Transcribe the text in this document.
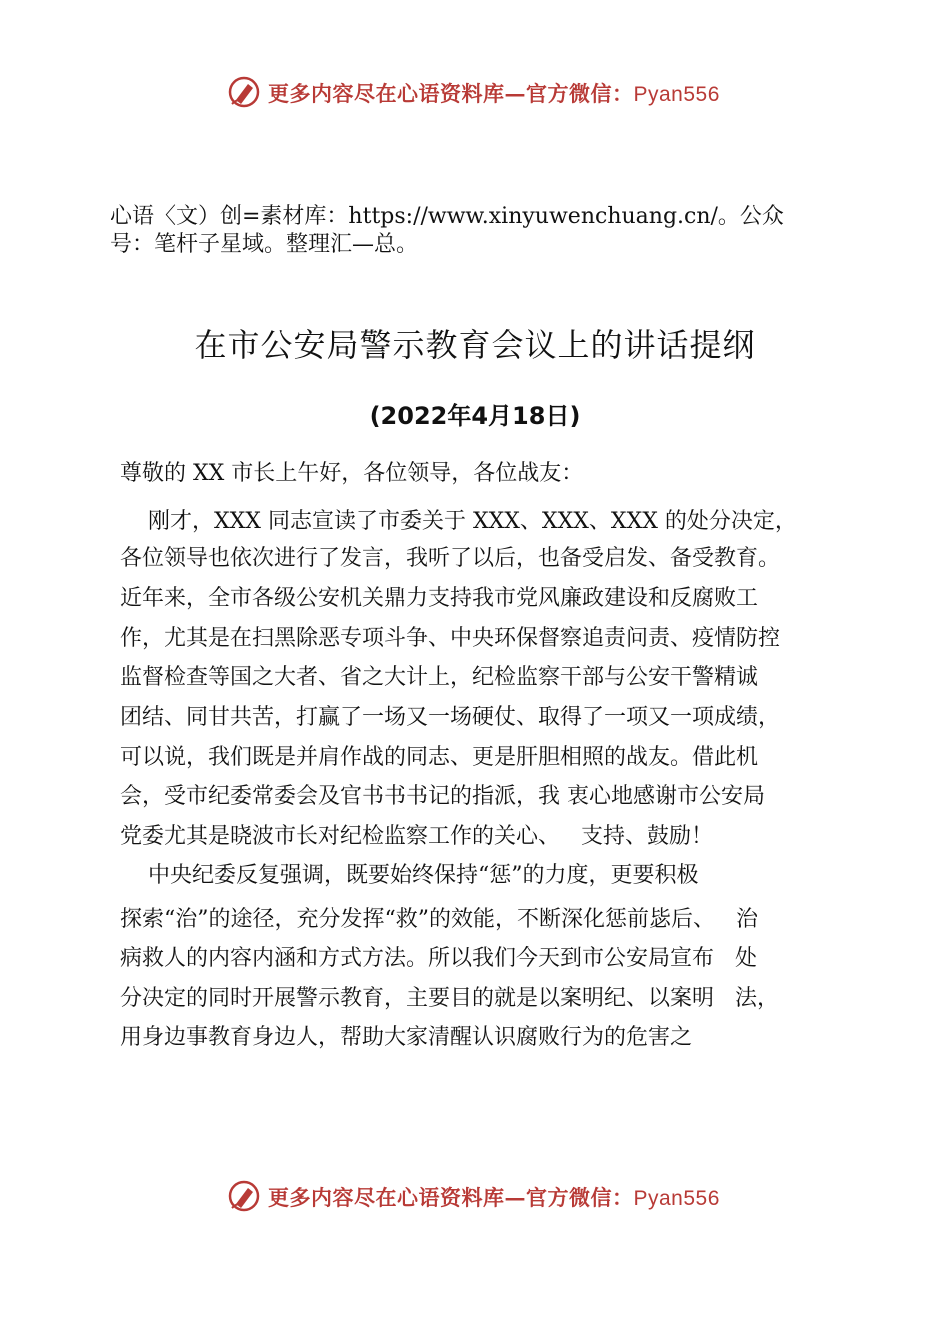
更多内容尽在心语资料库—官方微信：Pyan556
心语〈文）创=素材库：https://www.xinyuwenchuang.cn/。公众
号：笔杆子星域。整理汇—总。
在市公安局警示教育会议上的讲话提纲
(2022年4月18日)
尊敬的 XX 市长上午好，各位领导，各位战友：
刚才，XXX 同志宣读了市委关于 XXX、XXX、XXX 的处分决定，
各位领导也依次进行了发言，我听了以后，也备受启发、备受教育。
近年来，全市各级公安机关鼎力支持我市党风廉政建设和反腐败工
作，尤其是在扫黑除恶专项斗争、中央环保督察追责问责、疫情防控
监督检查等国之大者、省之大计上，纪检监察干部与公安干警精诚
团结、同甘共苦，打赢了一场又一场硬仗、取得了一项又一项成绩，
可以说，我们既是并肩作战的同志、更是肝胆相照的战友。借此机
会，受市纪委常委会及官书书书记的指派，我 衷心地感谢市公安局
党委尤其是晓波市长对纪检监察工作的关心、   支持、鼓励！
中央纪委反复强调，既要始终保持“惩”的力度，更要积极
探索“治”的途径，充分发挥“救”的效能，不断深化惩前毖后、   治
病救人的内容内涵和方式方法。所以我们今天到市公安局宣布   处
分决定的同时开展警示教育，主要目的就是以案明纪、以案明   法，
用身边事教育身边人，帮助大家清醒认识腐败行为的危害之
更多内容尽在心语资料库—官方微信：Pyan556
